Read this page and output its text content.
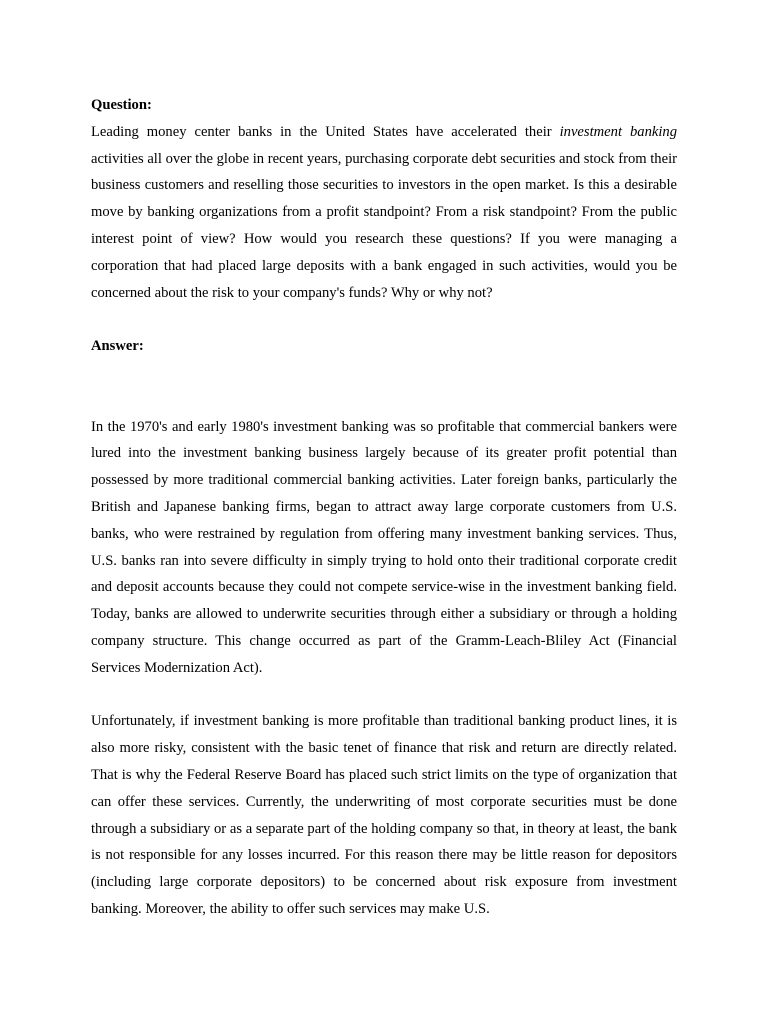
Question:

Leading money center banks in the United States have accelerated their investment banking activities all over the globe in recent years, purchasing corporate debt securities and stock from their business customers and reselling those securities to investors in the open market. Is this a desirable move by banking organizations from a profit standpoint? From a risk standpoint? From the public interest point of view? How would you research these questions? If you were managing a corporation that had placed large deposits with a bank engaged in such activities, would you be concerned about the risk to your company's funds? Why or why not?

Answer:

In the 1970's and early 1980's investment banking was so profitable that commercial bankers were lured into the investment banking business largely because of its greater profit potential than possessed by more traditional commercial banking activities. Later foreign banks, particularly the British and Japanese banking firms, began to attract away large corporate customers from U.S. banks, who were restrained by regulation from offering many investment banking services. Thus, U.S. banks ran into severe difficulty in simply trying to hold onto their traditional corporate credit and deposit accounts because they could not compete service-wise in the investment banking field. Today, banks are allowed to underwrite securities through either a subsidiary or through a holding company structure. This change occurred as part of the Gramm-Leach-Bliley Act (Financial Services Modernization Act).

Unfortunately, if investment banking is more profitable than traditional banking product lines, it is also more risky, consistent with the basic tenet of finance that risk and return are directly related. That is why the Federal Reserve Board has placed such strict limits on the type of organization that can offer these services. Currently, the underwriting of most corporate securities must be done through a subsidiary or as a separate part of the holding company so that, in theory at least, the bank is not responsible for any losses incurred. For this reason there may be little reason for depositors (including large corporate depositors) to be concerned about risk exposure from investment banking. Moreover, the ability to offer such services may make U.S.
